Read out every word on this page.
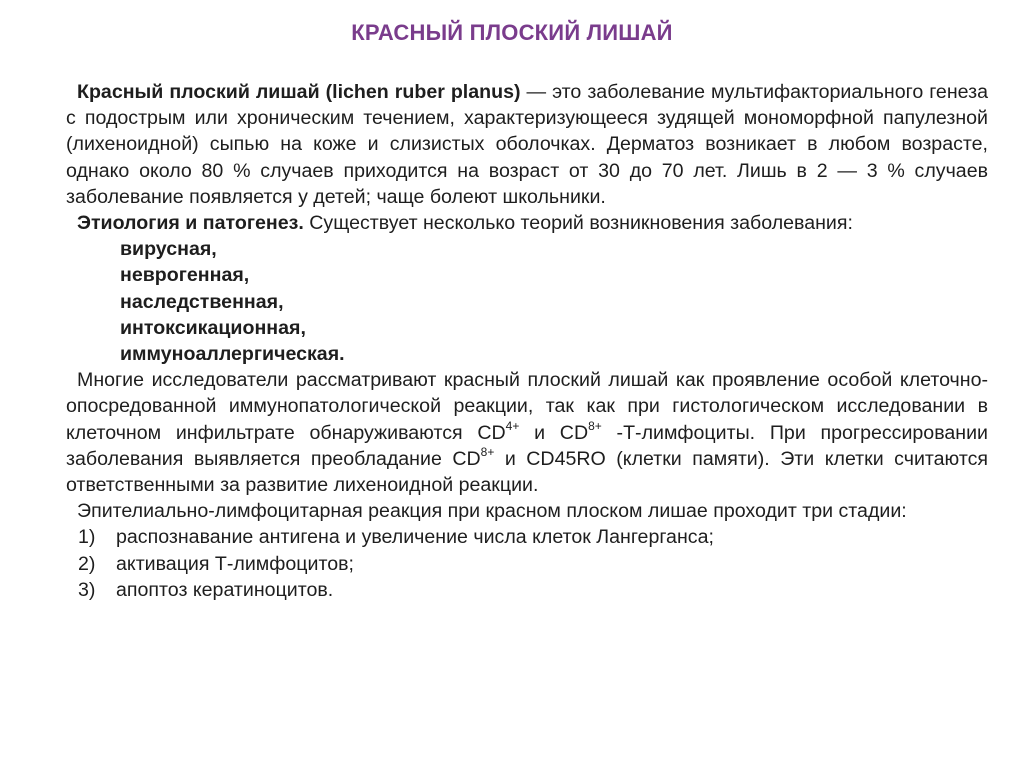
КРАСНЫЙ ПЛОСКИЙ ЛИШАЙ

Красный плоский лишай (lichen ruber planus) — это заболевание мультифакториального генеза с подострым или хроническим течением, характеризующееся зудящей мономорфной папулезной (лихеноидной) сыпью на коже и слизистых оболочках. Дерматоз возникает в любом возрасте, однако около 80 % случаев приходится на возраст от 30 до 70 лет. Лишь в 2 — 3 % случаев заболевание появляется у детей; чаще болеют школьники.

Этиология и патогенез. Существует несколько теорий возникновения заболевания:

вирусная,
неврогенная,
наследственная,
интоксикационная,
иммуноаллергическая.

Многие исследователи рассматривают красный плоский лишай как проявление особой клеточно-опосредованной иммунопатологической реакции, так как при гистологическом исследовании в клеточном инфильтрате обнаруживаются $CD^{4+}$ и $CD^{8+}$ -Т-лимфоциты. При прогрессировании заболевания выявляется преобладание $CD^{8+}$ и CD45RO (клетки памяти). Эти клетки считаются ответственными за развитие лихеноидной реакции.

Эпителиально-лимфоцитарная реакция при красном плоском лишае проходит три стадии:

1) распознавание антигена и увеличение числа клеток Лангерганса;
2) активация Т-лимфоцитов;
3) апоптоз кератиноцитов.
